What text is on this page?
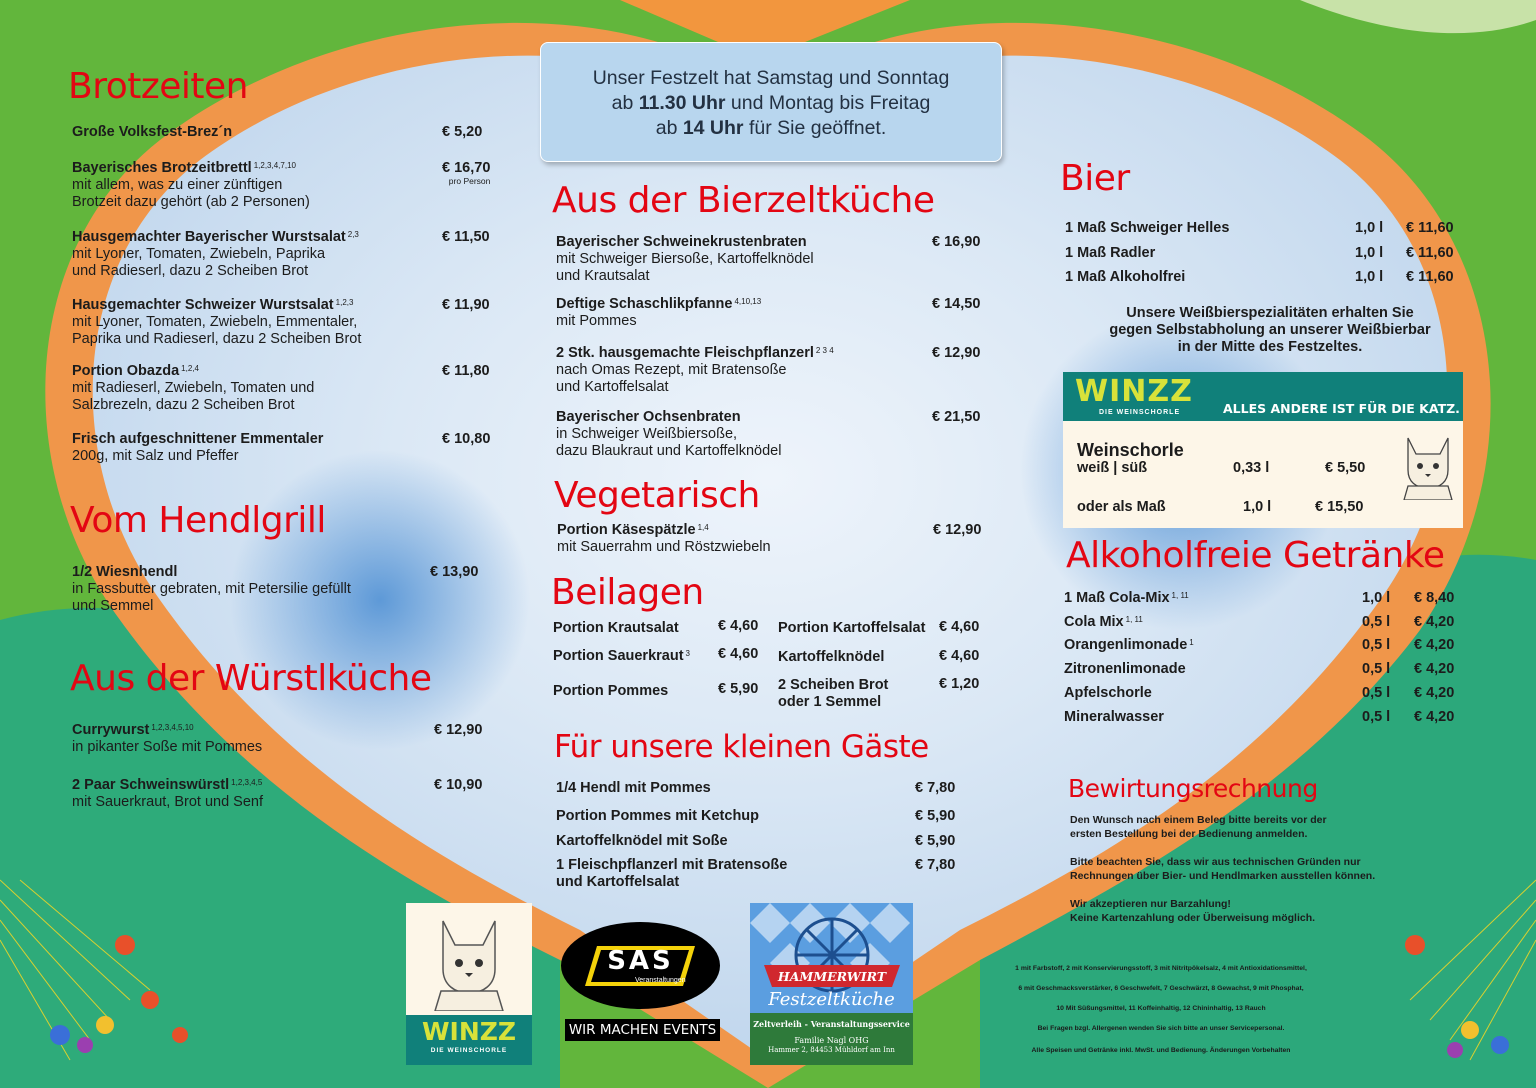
Unser Festzelt hat Samstag und Sonntag
ab 11.30 Uhr und Montag bis Freitag
ab 14 Uhr für Sie geöffnet.
Brotzeiten
Große Volksfest-Brez´n	€ 5,20
Bayerisches Brotzeitbrettl $^{1,2,3,4,7,10}$
mit allem, was zu einer zünftigen
Brotzeit dazu gehört (ab 2 Personen)
€ 16,70
pro Person
Hausgemachter Bayerischer Wurstsalat $^{2,3}$
mit Lyoner, Tomaten, Zwiebeln, Paprika
und Radieserl, dazu 2 Scheiben Brot
€ 11,50
Hausgemachter Schweizer Wurstsalat $^{1,2,3}$
mit Lyoner, Tomaten, Zwiebeln, Emmentaler,
Paprika und Radieserl, dazu 2 Scheiben Brot
€ 11,90
Portion Obazda $^{1,2,4}$
mit Radieserl, Zwiebeln, Tomaten und
Salzbrezeln, dazu 2 Scheiben Brot
€ 11,80
Frisch aufgeschnittener Emmentaler
200g, mit Salz und Pfeffer
€ 10,80
Vom Hendlgrill
1/2 Wiesnhendl
in Fassbutter gebraten, mit Petersilie gefüllt
und Semmel
€ 13,90
Aus der Würstlküche
Currywurst $^{1,2,3,4,5,10}$
in pikanter Soße mit Pommes
€ 12,90
2 Paar Schweinswürstl $^{1,2,3,4,5}$
mit Sauerkraut, Brot und Senf
€ 10,90
Aus der Bierzeltküche
Bayerischer Schweinekrustenbraten
mit Schweiger Biersoße, Kartoffelknödel
und Krautsalat
€ 16,90
Deftige Schaschlikpfanne $^{4,10,13}$
mit Pommes
€ 14,50
2 Stk. hausgemachte Fleischpflanzerl $^{2 3 4}$
nach Omas Rezept, mit Bratensoße
und Kartoffelsalat
€ 12,90
Bayerischer Ochsenbraten
in Schweiger Weißbiersoße,
dazu Blaukraut und Kartoffelknödel
€ 21,50
Vegetarisch
Portion Käsespätzle $^{1,4}$
mit Sauerrahm und Röstzwiebeln
€ 12,90
Beilagen
Portion Krautsalat	€ 4,60
Portion Sauerkraut $^3$ € 4,60
Portion Pommes	€ 5,90
Portion Kartoffelsalat € 4,60
Kartoffelknödel	€ 4,60
2 Scheiben Brot
oder 1 Semmel
€ 1,20
Für unsere kleinen Gäste
1/4 Hendl mit Pommes	€ 7,80
Portion Pommes mit Ketchup	€ 5,90
Kartoffelknödel mit Soße	€ 5,90
1 Fleischpflanzerl mit Bratensoße
und Kartoffelsalat
€ 7,80
Bier
1 Maß Schweiger Helles	1,0 l € 11,60
1 Maß Radler	1,0 l € 11,60
1 Maß Alkoholfrei	1,0 l € 11,60
Unsere Weißbierspezialitäten erhalten Sie
gegen Selbstabholung an unserer Weißbierbar
in der Mitte des Festzeltes.
WINZZ
DIE WEINSCHORLE	ALLES ANDERE IST FÜR DIE KATZ.
Weinschorle
weiß | süß	0,33 l	€ 5,50
oder als Maß	1,0 l	€ 15,50
Alkoholfreie Getränke
1 Maß Cola-Mix $^{1, 11}$	1,0 l € 8,40
Cola Mix $^{1, 11}$	0,5 l € 4,20
Orangenlimonade $^1$	0,5 l € 4,20
Zitronenlimonade	0,5 l € 4,20
Apfelschorle	0,5 l € 4,20
Mineralwasser	0,5 l € 4,20
Bewirtungsrechnung
Den Wunsch nach einem Beleg bitte bereits vor der
ersten Bestellung bei der Bedienung anmelden.
Bitte beachten Sie, dass wir aus technischen Gründen nur
Rechnungen über Bier- und Hendlmarken ausstellen können.
Wir akzeptieren nur Barzahlung!
Keine Kartenzahlung oder Überweisung möglich.
1 mit Farbstoff, 2 mit Konservierungsstoff, 3 mit Nitritpökelsalz, 4 mit Antioxidationsmittel,
6 mit Geschmacksverstärker, 6 Geschwefelt, 7 Geschwärzt, 8 Gewachst, 9 mit Phosphat,
10 Mit Süßungsmittel, 11 Koffeinhaltig, 12 Chininhaltig, 13 Rauch
Bei Fragen bzgl. Allergenen wenden Sie sich bitte an unser Servicepersonal.
Alle Speisen und Getränke inkl. MwSt. und Bedienung. Änderungen Vorbehalten
WINZZ
DIE WEINSCHORLE
SAS
Veranstaltungen
WIR MACHEN EVENTS
HAMMERWIRT
Festzeltküche
Zeltverleih - Veranstaltungsservice
Familie Nagl OHG
Hammer 2, 84453 Mühldorf am Inn
